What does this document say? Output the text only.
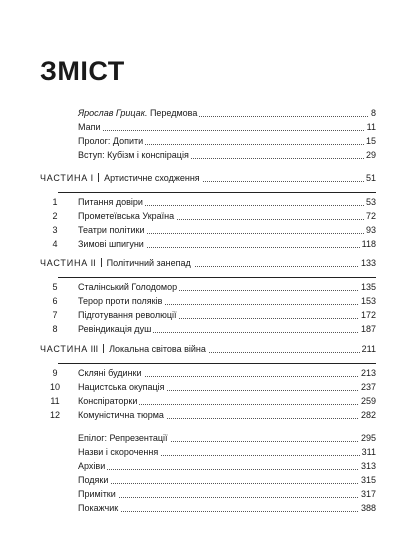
ЗМІСТ
Ярослав Грицак. Передмова	8
Мапи	11
Пролог: Допити	15
Вступ: Кубізм і конспірація	29
ЧАСТИНА I Артистичне сходження	51
1	Питання довіри	53
2	Прометеївська Україна	72
3	Театри політики	93
4	Зимові шпигуни	118
ЧАСТИНА II Політичний занепад	133
5	Сталінський Голодомор	135
6	Терор проти поляків	153
7	Підготування революції	172
8	Ревіндикація душ	187
ЧАСТИНА III Локальна світова війна	211
9	Скляні будинки	213
10	Нацистська окупація	237
11	Конспіраторки	259
12	Комуністична тюрма	282
Епілог: Репрезентації	295
Назви і скорочення	311
Архіви	313
Подяки	315
Примітки	317
Покажчик	388
